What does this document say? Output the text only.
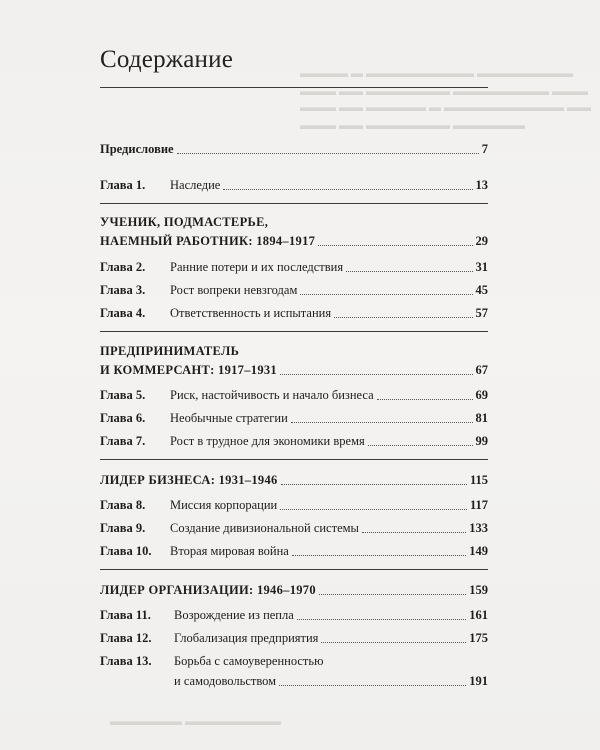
▬▬▬▬ ▬ ▬▬▬▬▬▬▬▬▬ ▬▬▬▬▬▬▬▬
▬▬▬ ▬▬ ▬▬▬▬▬▬▬ ▬▬▬▬▬▬▬▬ ▬▬▬
▬▬▬ ▬▬ ▬▬▬▬▬ ▬ ▬▬▬▬▬▬▬▬▬▬ ▬▬
▬▬▬ ▬▬ ▬▬▬▬▬▬▬ ▬▬▬▬▬▬
Содержание
Предисловие	7
Глава 1.	Наследие	13
УЧЕНИК, ПОДМАСТЕРЬЕ,
НАЕМНЫЙ РАБОТНИК: 1894–1917	29
Глава 2.	Ранние потери и их последствия	31
Глава 3.	Рост вопреки невзгодам	45
Глава 4.	Ответственность и испытания	57
ПРЕДПРИНИМАТЕЛЬ
И КОММЕРСАНТ: 1917–1931	67
Глава 5.	Риск, настойчивость и начало бизнеса	69
Глава 6.	Необычные стратегии	81
Глава 7.	Рост в трудное для экономики время	99
ЛИДЕР БИЗНЕСА: 1931–1946	115
Глава 8.	Миссия корпорации	117
Глава 9.	Создание дивизиональной системы	133
Глава 10.	Вторая мировая война	149
ЛИДЕР ОРГАНИЗАЦИИ: 1946–1970	159
Глава 11.	Возрождение из пепла	161
Глава 12.	Глобализация предприятия	175
Глава 13.	Борьба с самоуверенностью
и самодовольством	191
▬▬▬▬▬▬ ▬▬▬▬▬▬▬▬
